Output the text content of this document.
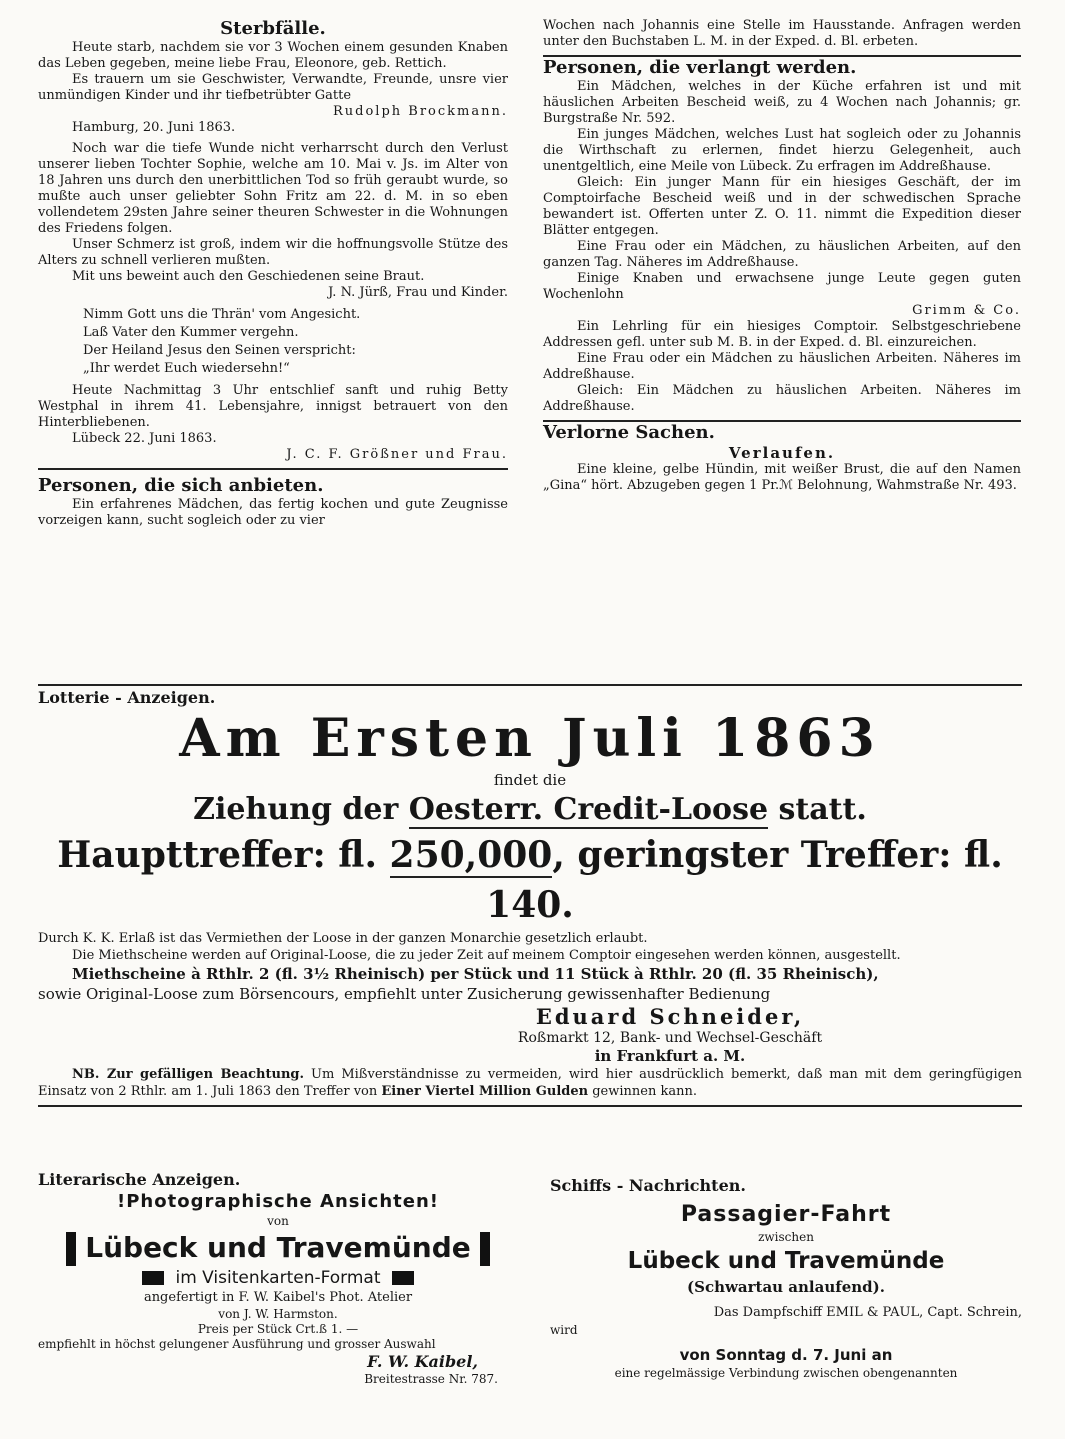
Sterbfälle.

Heute starb, nachdem sie vor 3 Wochen einem gesunden Knaben das Leben gegeben, meine liebe Frau, Eleonore, geb. Rettich.

Es trauern um sie Geschwister, Verwandte, Freunde, unsre vier unmündigen Kinder und ihr tiefbetrübter Gatte

Rudolph Brockmann.

Hamburg, 20. Juni 1863.

Noch war die tiefe Wunde nicht verharrscht durch den Verlust unserer lieben Tochter Sophie, welche am 10. Mai v. Js. im Alter von 18 Jahren uns durch den unerbittlichen Tod so früh geraubt wurde, so mußte auch unser geliebter Sohn Fritz am 22. d. M. in so eben vollendetem 29sten Jahre seiner theuren Schwester in die Wohnungen des Friedens folgen.

Unser Schmerz ist groß, indem wir die hoffnungsvolle Stütze des Alters zu schnell verlieren mußten.

Mit uns beweint auch den Geschiedenen seine Braut.

J. N. Jürß, Frau und Kinder.

Nimm Gott uns die Thrän' vom Angesicht.

Laß Vater den Kummer vergehn.

Der Heiland Jesus den Seinen verspricht:

„Ihr werdet Euch wiedersehn!“

Heute Nachmittag 3 Uhr entschlief sanft und ruhig Betty Westphal in ihrem 41. Lebensjahre, innigst betrauert von den Hinterbliebenen.

Lübeck 22. Juni 1863.

J. C. F. Größner und Frau.

Personen, die sich anbieten.

Ein erfahrenes Mädchen, das fertig kochen und gute Zeugnisse vorzeigen kann, sucht sogleich oder zu vier

Wochen nach Johannis eine Stelle im Hausstande. Anfragen werden unter den Buchstaben L. M. in der Exped. d. Bl. erbeten.

Personen, die verlangt werden.

Ein Mädchen, welches in der Küche erfahren ist und mit häuslichen Arbeiten Bescheid weiß, zu 4 Wochen nach Johannis; gr. Burgstraße Nr. 592.

Ein junges Mädchen, welches Lust hat sogleich oder zu Johannis die Wirthschaft zu erlernen, findet hierzu Gelegenheit, auch unentgeltlich, eine Meile von Lübeck. Zu erfragen im Addreßhause.

Gleich: Ein junger Mann für ein hiesiges Geschäft, der im Comptoirfache Bescheid weiß und in der schwedischen Sprache bewandert ist. Offerten unter Z. O. 11. nimmt die Expedition dieser Blätter entgegen.

Eine Frau oder ein Mädchen, zu häuslichen Arbeiten, auf den ganzen Tag. Näheres im Addreßhause.

Einige Knaben und erwachsene junge Leute gegen guten Wochenlohn

Grimm & Co.

Ein Lehrling für ein hiesiges Comptoir. Selbstgeschriebene Addressen gefl. unter sub M. B. in der Exped. d. Bl. einzureichen.

Eine Frau oder ein Mädchen zu häuslichen Arbeiten. Näheres im Addreßhause.

Gleich: Ein Mädchen zu häuslichen Arbeiten. Näheres im Addreßhause.

Verlorne Sachen.

Verlaufen.

Eine kleine, gelbe Hündin, mit weißer Brust, die auf den Namen „Gina“ hört. Abzugeben gegen 1 Pr.ℳ Belohnung, Wahmstraße Nr. 493.

Lotterie - Anzeigen.
Am Ersten Juli 1863
findet die
Ziehung der Oesterr. Credit-Loose statt.
Haupttreffer: fl. 250,000, geringster Treffer: fl. 140.

Durch K. K. Erlaß ist das Vermiethen der Loose in der ganzen Monarchie gesetzlich erlaubt.

Die Miethscheine werden auf Original-Loose, die zu jeder Zeit auf meinem Comptoir eingesehen werden können, ausgestellt.

Miethscheine à Rthlr. 2 (fl. 3½ Rheinisch) per Stück und 11 Stück à Rthlr. 20 (fl. 35 Rheinisch),

sowie Original-Loose zum Börsencours, empfiehlt unter Zusicherung gewissenhafter Bedienung

Eduard Schneider,
Roßmarkt 12, Bank- und Wechsel-Geschäft
in Frankfurt a. M.

NB. Zur gefälligen Beachtung. Um Mißverständnisse zu vermeiden, wird hier ausdrücklich bemerkt, daß man mit dem geringfügigen Einsatz von 2 Rthlr. am 1. Juli 1863 den Treffer von Einer Viertel Million Gulden gewinnen kann.

Literarische Anzeigen.
!Photographische Ansichten!
von
Lübeck und Travemünde
im Visitenkarten-Format
angefertigt in F. W. Kaibel's Phot. Atelier
von J. W. Harmston.
Preis per Stück Crt.ß 1. —

empfiehlt in höchst gelungener Ausführung und grosser Auswahl

F. W. Kaibel,
Breitestrasse Nr. 787.
Schiffs - Nachrichten.
Passagier-Fahrt
zwischen
Lübeck und Travemünde
(Schwartau anlaufend).
Das Dampfschiff EMIL & PAUL, Capt. Schrein,
wird
von Sonntag d. 7. Juni an
eine regelmässige Verbindung zwischen obengenannten
